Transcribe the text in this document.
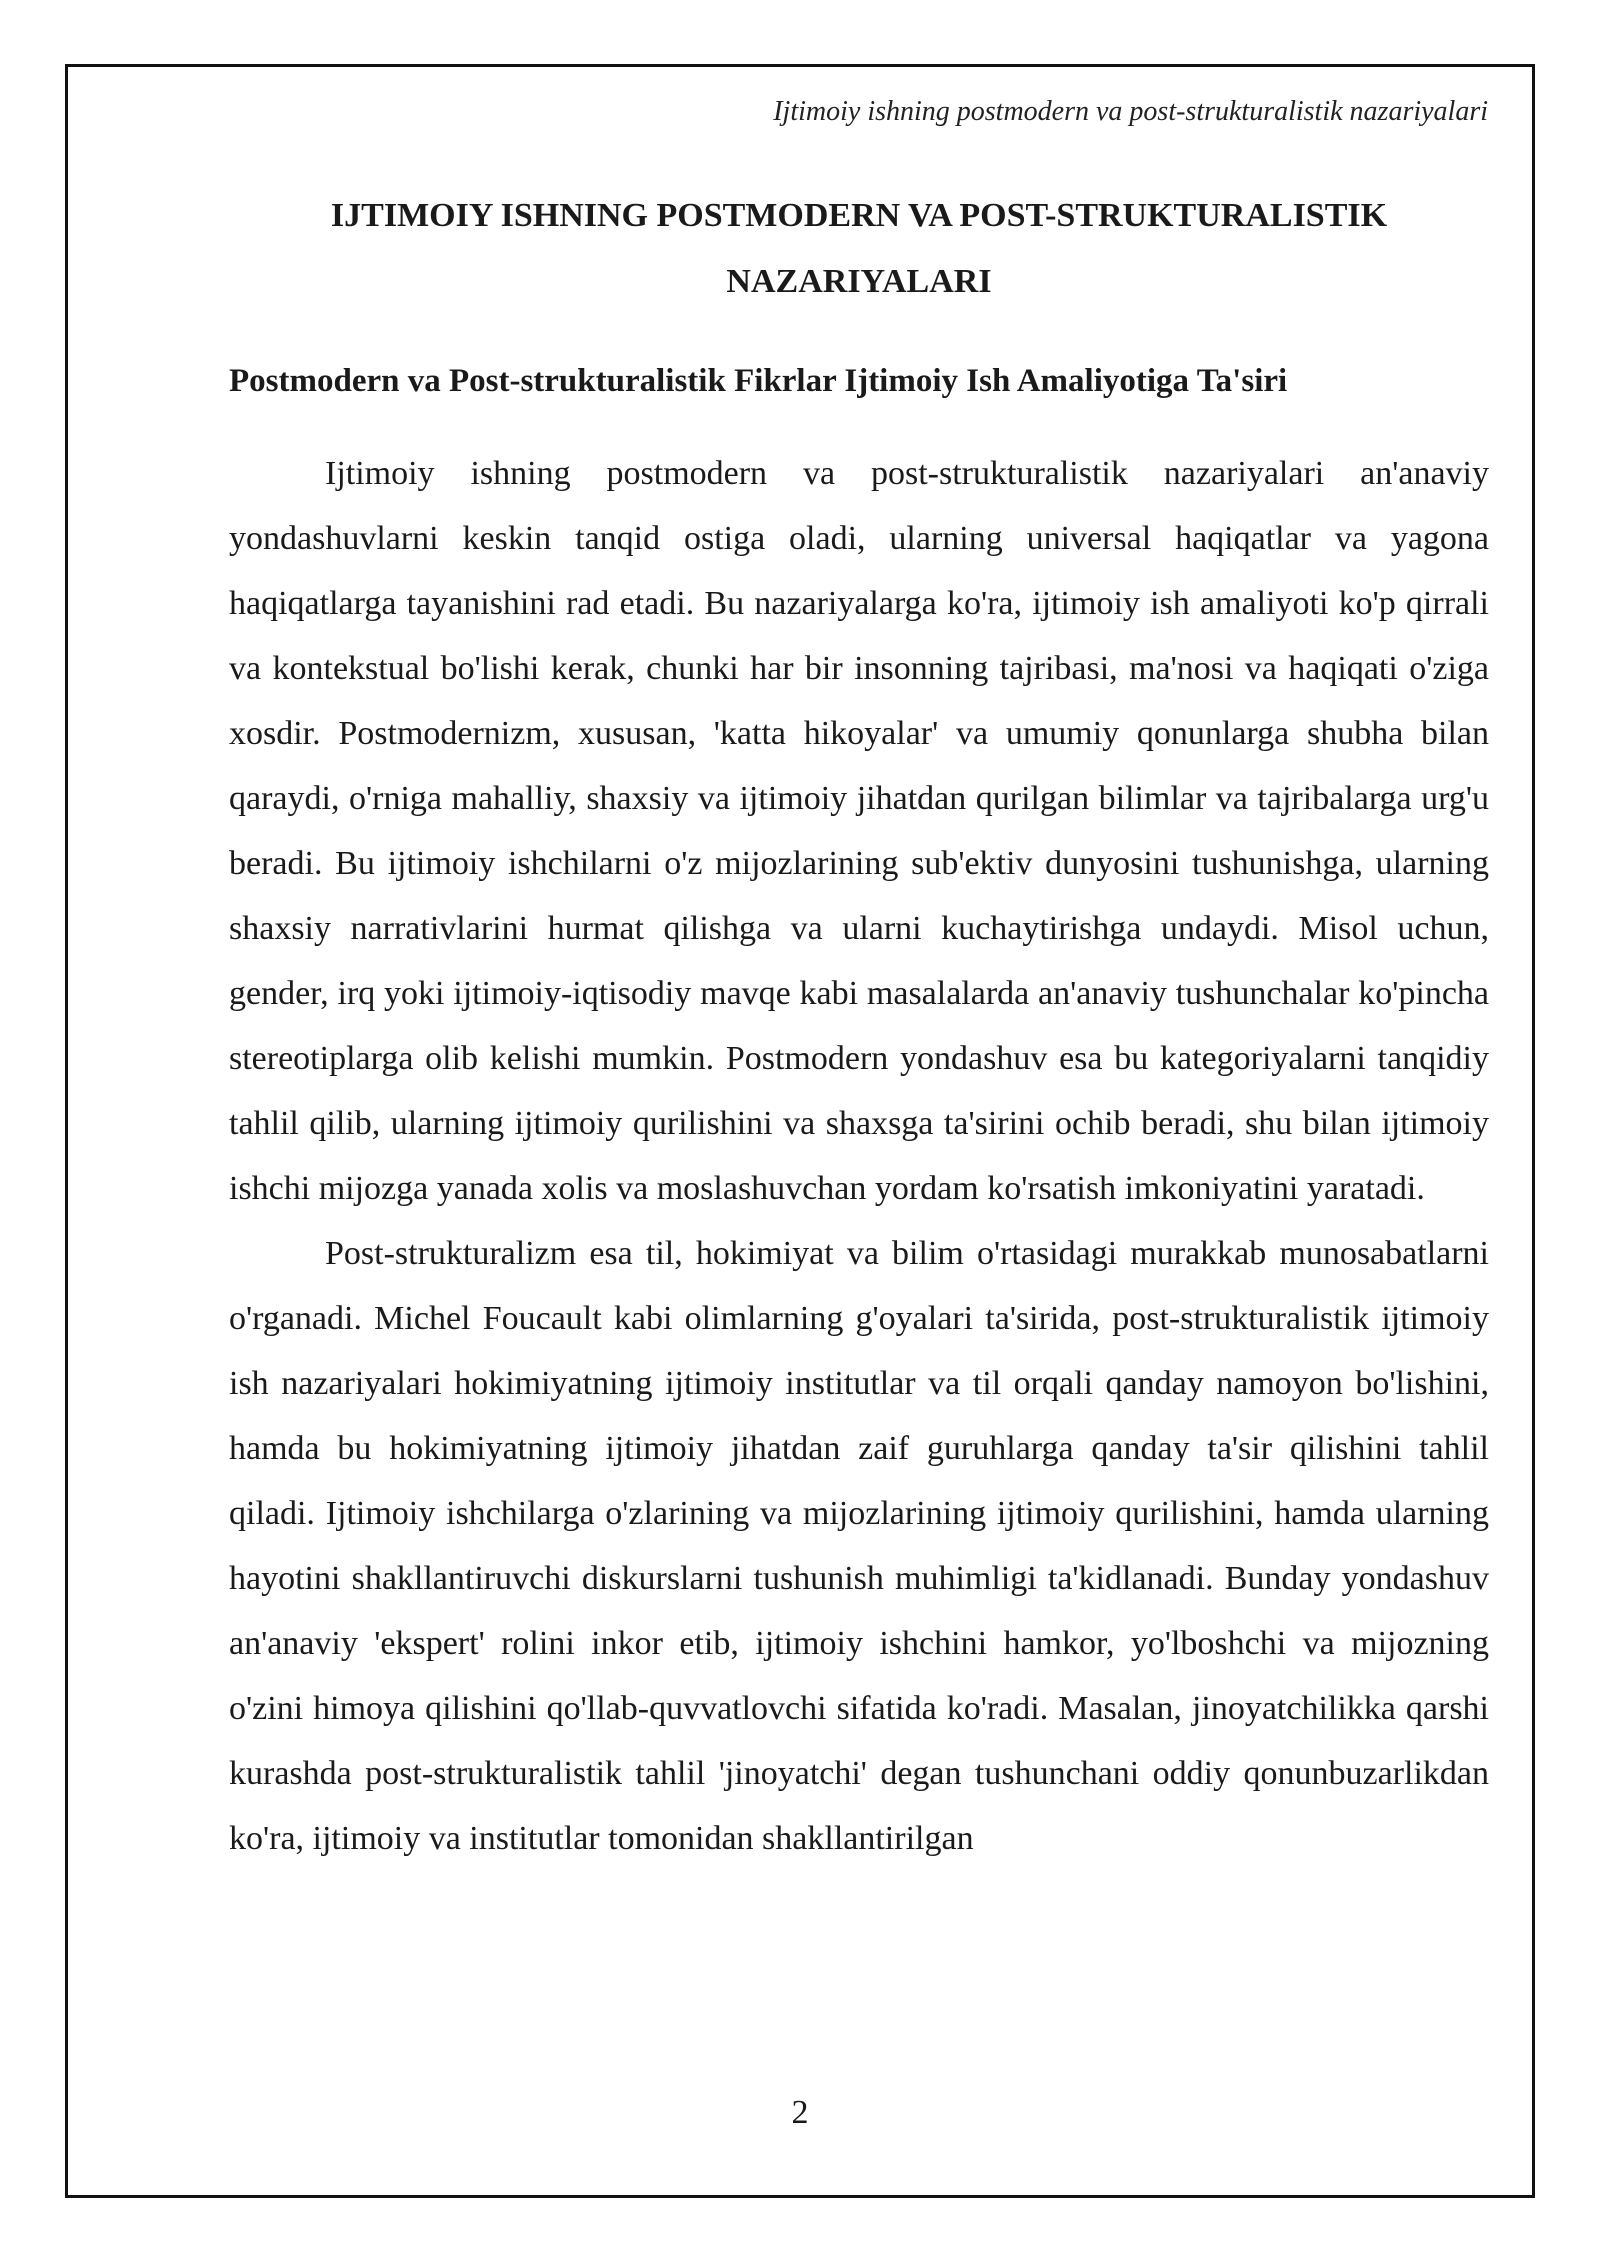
Ijtimoiy ishning postmodern va post-strukturalistik nazariyalari
IJTIMOIY ISHNING POSTMODERN VA POST-STRUKTURALISTIK NAZARIYALARI
Postmodern va Post-strukturalistik Fikrlar Ijtimoiy Ish Amaliyotiga Ta'siri

Ijtimoiy ishning postmodern va post-strukturalistik nazariyalari an'anaviy yondashuvlarni keskin tanqid ostiga oladi, ularning universal haqiqatlar va yagona haqiqatlarga tayanishini rad etadi. Bu nazariyalarga ko'ra, ijtimoiy ish amaliyoti ko'p qirrali va kontekstual bo'lishi kerak, chunki har bir insonning tajribasi, ma'nosi va haqiqati o'ziga xosdir. Postmodernizm, xususan, 'katta hikoyalar' va umumiy qonunlarga shubha bilan qaraydi, o'rniga mahalliy, shaxsiy va ijtimoiy jihatdan qurilgan bilimlar va tajribalarga urg'u beradi. Bu ijtimoiy ishchilarni o'z mijozlarining sub'ektiv dunyosini tushunishga, ularning shaxsiy narrativlarini hurmat qilishga va ularni kuchaytirishga undaydi. Misol uchun, gender, irq yoki ijtimoiy-iqtisodiy mavqe kabi masalalarda an'anaviy tushunchalar ko'pincha stereotiplarga olib kelishi mumkin. Postmodern yondashuv esa bu kategoriyalarni tanqidiy tahlil qilib, ularning ijtimoiy qurilishini va shaxsga ta'sirini ochib beradi, shu bilan ijtimoiy ishchi mijozga yanada xolis va moslashuvchan yordam ko'rsatish imkoniyatini yaratadi.

Post-strukturalizm esa til, hokimiyat va bilim o'rtasidagi murakkab munosabatlarni o'rganadi. Michel Foucault kabi olimlarning g'oyalari ta'sirida, post-strukturalistik ijtimoiy ish nazariyalari hokimiyatning ijtimoiy institutlar va til orqali qanday namoyon bo'lishini, hamda bu hokimiyatning ijtimoiy jihatdan zaif guruhlarga qanday ta'sir qilishini tahlil qiladi. Ijtimoiy ishchilarga o'zlarining va mijozlarining ijtimoiy qurilishini, hamda ularning hayotini shakllantiruvchi diskurslarni tushunish muhimligi ta'kidlanadi. Bunday yondashuv an'anaviy 'ekspert' rolini inkor etib, ijtimoiy ishchini hamkor, yo'lboshchi va mijozning o'zini himoya qilishini qo'llab-quvvatlovchi sifatida ko'radi. Masalan, jinoyatchilikka qarshi kurashda post-strukturalistik tahlil 'jinoyatchi' degan tushunchani oddiy qonunbuzarlikdan ko'ra, ijtimoiy va institutlar tomonidan shakllantirilgan

2
